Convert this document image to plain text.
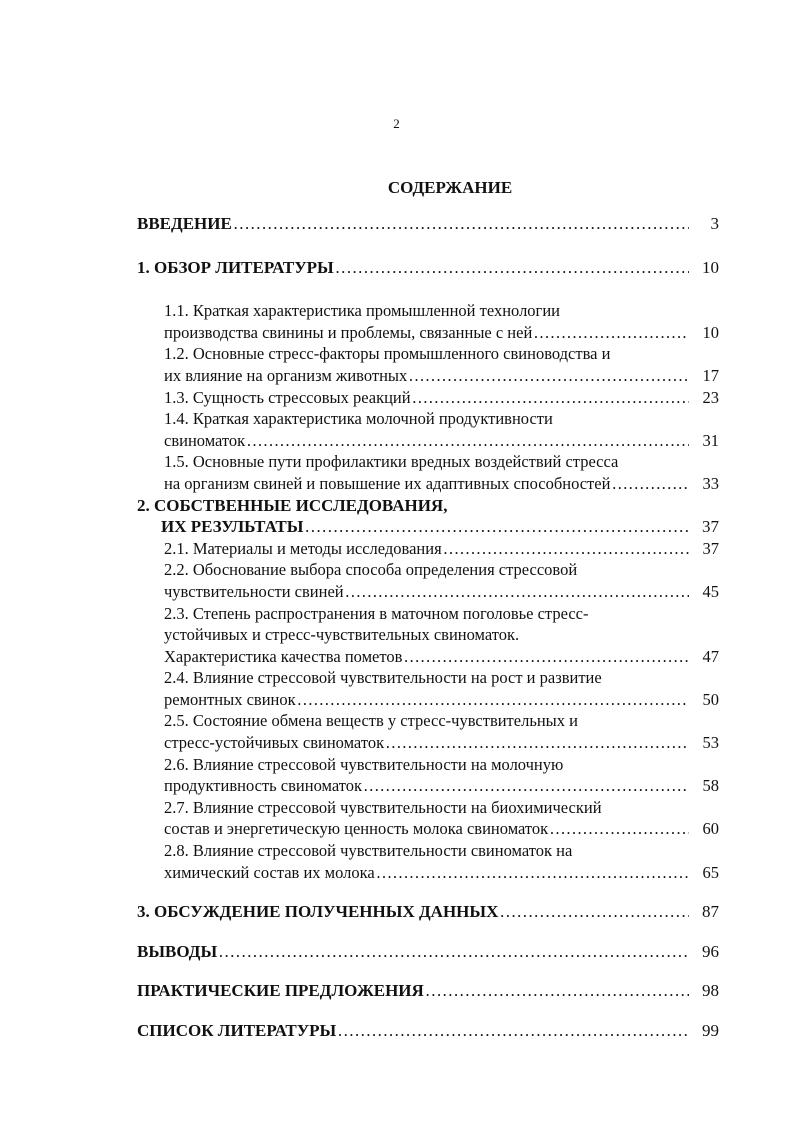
2
СОДЕРЖАНИЕ
ВВЕДЕНИЕ ……………………………………………………………………………………………………………………………………………………………………………………………	3
1. ОБЗОР ЛИТЕРАТУРЫ ……………………………………………………………………………………………………………………………………………………………………………………………	10
1.1. Краткая характеристика промышленной технологии
производства свинины и проблемы, связанные с ней ……………………………………………………………………………………………………………………………………………………………………………………………	10
1.2. Основные стресс-факторы промышленного свиноводства и
их влияние на организм животных ……………………………………………………………………………………………………………………………………………………………………………………………	17
1.3. Сущность стрессовых реакций ……………………………………………………………………………………………………………………………………………………………………………………………	23
1.4. Краткая характеристика молочной продуктивности
свиноматок ……………………………………………………………………………………………………………………………………………………………………………………………	31
1.5. Основные пути профилактики вредных воздействий стресса
на организм свиней и повышение их адаптивных способностей ……………………………………………………………………………………………………………………………………………………………………………………………	33
2. СОБСТВЕННЫЕ ИССЛЕДОВАНИЯ,
ИХ РЕЗУЛЬТАТЫ ……………………………………………………………………………………………………………………………………………………………………………………………	37
2.1. Материалы и методы исследования ……………………………………………………………………………………………………………………………………………………………………………………………	37
2.2. Обоснование выбора способа определения стрессовой
чувствительности свиней ……………………………………………………………………………………………………………………………………………………………………………………………	45
2.3. Степень распространения в маточном поголовье стресс-
устойчивых и стресс-чувствительных свиноматок.
Характеристика качества пометов ……………………………………………………………………………………………………………………………………………………………………………………………	47
2.4. Влияние стрессовой чувствительности на рост и развитие
ремонтных свинок ……………………………………………………………………………………………………………………………………………………………………………………………	50
2.5. Состояние обмена веществ у стресс-чувствительных и
стресс-устойчивых свиноматок ……………………………………………………………………………………………………………………………………………………………………………………………	53
2.6. Влияние стрессовой чувствительности на молочную
продуктивность свиноматок ……………………………………………………………………………………………………………………………………………………………………………………………	58
2.7. Влияние стрессовой чувствительности на биохимический
состав и энергетическую ценность молока свиноматок ……………………………………………………………………………………………………………………………………………………………………………………………	60
2.8. Влияние стрессовой чувствительности свиноматок на
химический состав их молока ……………………………………………………………………………………………………………………………………………………………………………………………	65
3. ОБСУЖДЕНИЕ ПОЛУЧЕННЫХ ДАННЫХ ……………………………………………………………………………………………………………………………………………………………………………………………	87
ВЫВОДЫ ……………………………………………………………………………………………………………………………………………………………………………………………	96
ПРАКТИЧЕСКИЕ ПРЕДЛОЖЕНИЯ ……………………………………………………………………………………………………………………………………………………………………………………………	98
СПИСОК ЛИТЕРАТУРЫ ……………………………………………………………………………………………………………………………………………………………………………………………	99
